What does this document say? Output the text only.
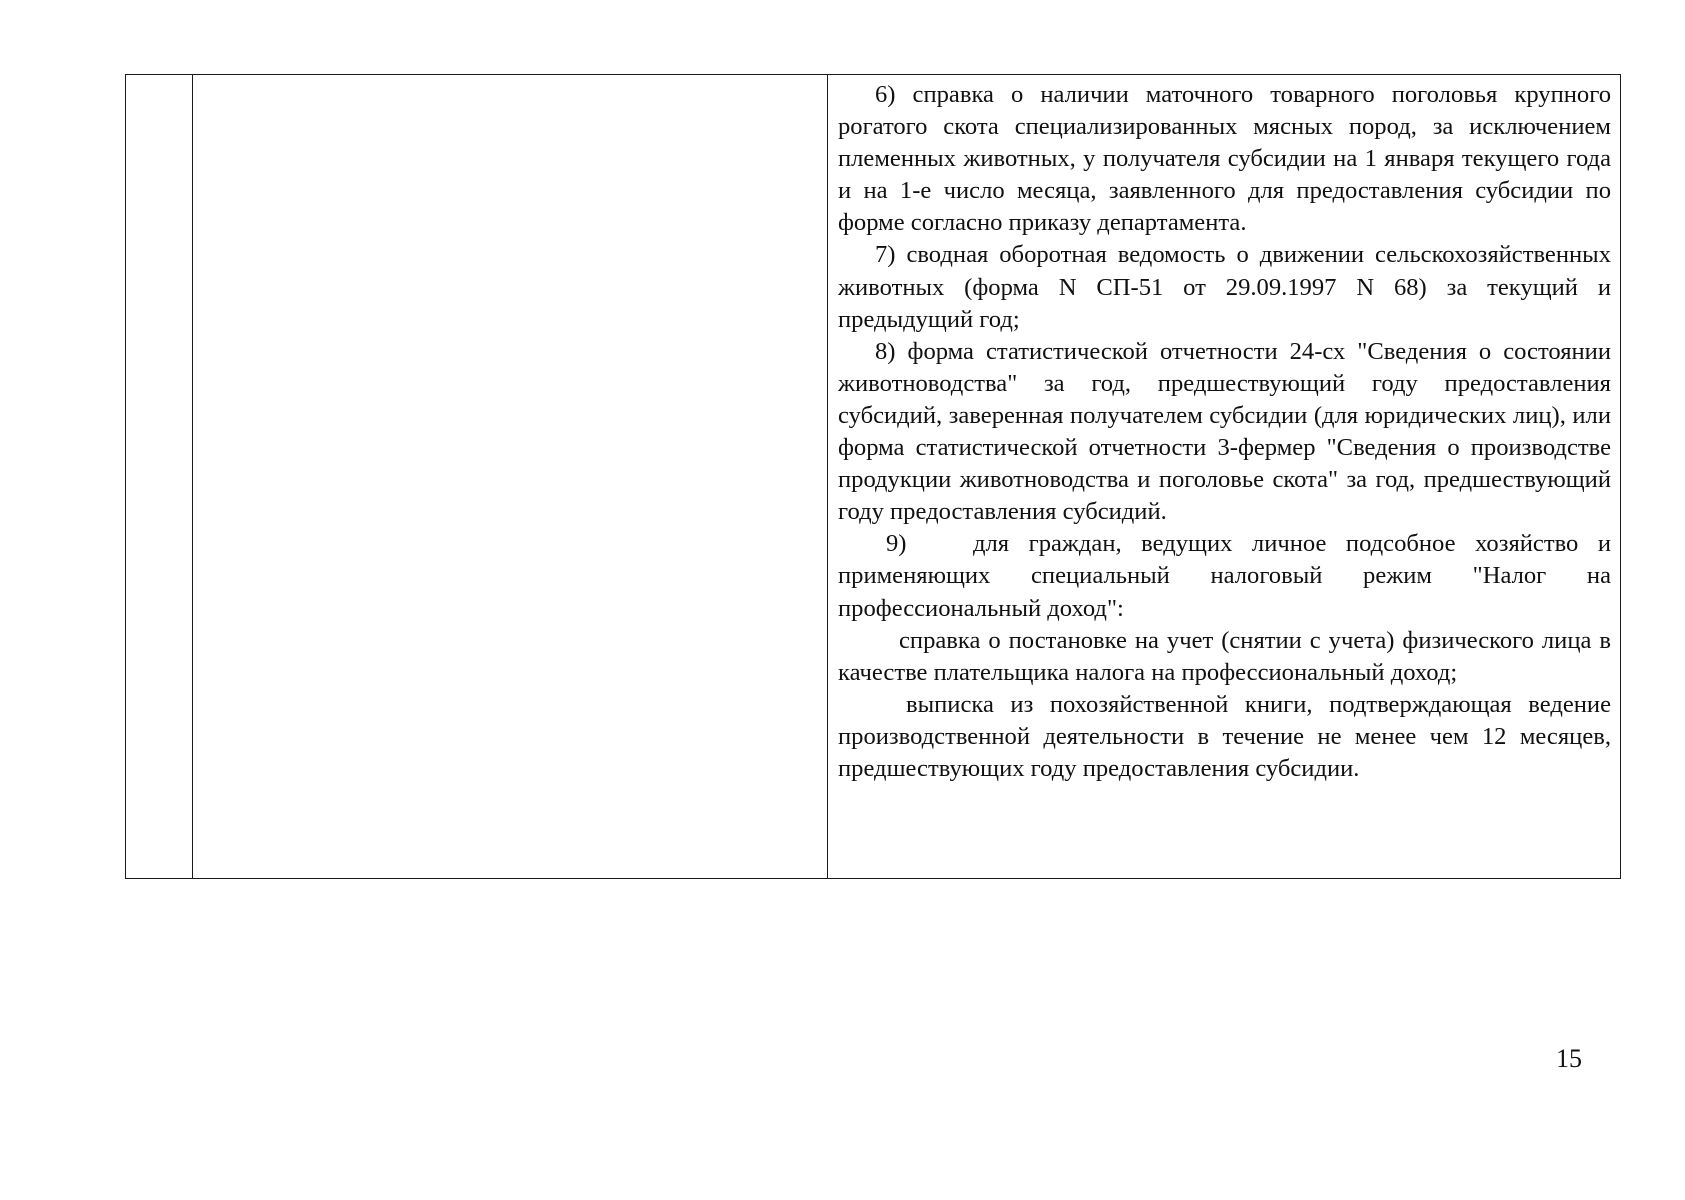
6) справка о наличии маточного товарного поголовья крупного рогатого скота специализированных мясных пород, за исключением племенных животных, у получателя субсидии на 1 января текущего года и на 1-е число месяца, заявленного для предоставления субсидии по форме согласно приказу департамента.

7) сводная оборотная ведомость о движении сельскохозяйственных животных (форма N СП-51 от 29.09.1997 N 68) за текущий и предыдущий год;

8) форма статистической отчетности 24-сх "Сведения о состоянии животноводства" за год, предшествующий году предоставления субсидий, заверенная получателем субсидии (для юридических лиц), или форма статистической отчетности 3-фермер "Сведения о производстве продукции животноводства и поголовье скота" за год, предшествующий году предоставления субсидий.

9)	для граждан, ведущих личное подсобное хозяйство и применяющих специальный налоговый режим "Налог на профессиональный доход":

справка о постановке на учет (снятии с учета) физического лица в качестве плательщика налога на профессиональный доход;

выписка из похозяйственной книги, подтверждающая ведение производственной деятельности в течение не менее чем 12 месяцев, предшествующих году предоставления субсидии.

15
